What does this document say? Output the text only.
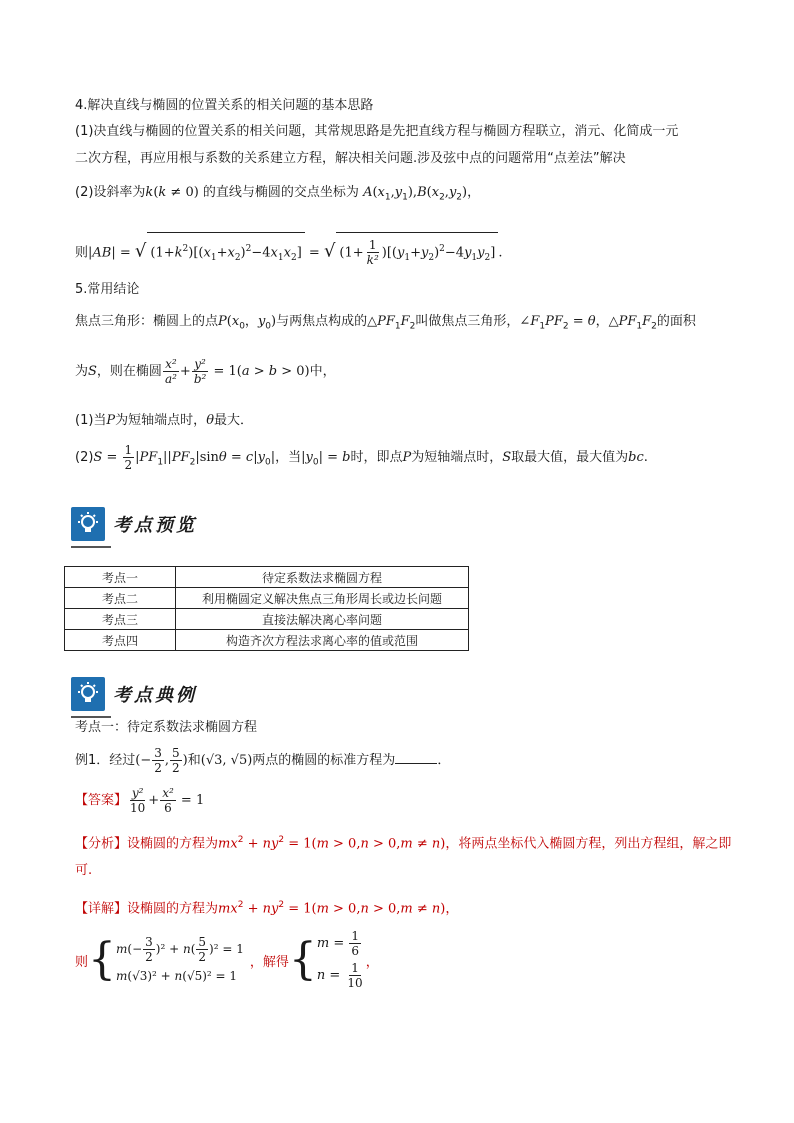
4.解决直线与椭圆的位置关系的相关问题的基本思路
(1)决直线与椭圆的位置关系的相关问题，其常规思路是先把直线方程与椭圆方程联立，消元、化简成一元
二次方程，再应用根与系数的关系建立方程，解决相关问题.涉及弦中点的问题常用“点差法”解决
(2)设斜率为k(k ≠ 0) 的直线与椭圆的交点坐标为 $A(x_1,y_1),B(x_2,y_2)$，
则|AB| = √ $(1+k^2)[(x_1+x_2)^2-4x_1x_2]$ = √ $(1+ \frac{1}{\text{k²}} )[(y_1+y_2)^2-4y_1y_2]$ .
5.常用结论
焦点三角形：椭圆上的点$P(x_0$，$y_0$)与两焦点构成的$\triangle PF_1F_2$叫做焦点三角形，$\angle F_1PF_2 = \theta$，$\triangle PF_1F_2$的面积
为S，则在椭圆 $\frac{\text{x²}}{\text{a²}} + \frac{\text{y²}}{\text{b²}} = 1(a > b > 0)$中，
(1)当P为短轴端点时，θ最大．
$(2)S = \frac{1}{2} |PF_1||PF_2|\sin\theta = c|y_0|$，当$|y_0| = b$时，即点P为短轴端点时，S取最大值，最大值为bc.
考点预览
考点一	待定系数法求椭圆方程
考点二	利用椭圆定义解决焦点三角形周长或边长问题
考点三	直接法解决离心率问题
考点四	构造齐次方程法求离心率的值或范围
考点典例
考点一：待定系数法求椭圆方程
例1．经过(− $\frac{3}{2}$ , $\frac{5}{2}$ )和(√3, √5)两点的椭圆的标准方程为	．
【答案】 $\frac{\text{y²}}{10} + \frac{\text{x²}}{6} = 1$
【分析】设椭圆的方程为$mx^2 + ny^2 = 1(m > 0,n > 0,m \ne n)$，将两点坐标代入椭圆方程，列出方程组，解之即
可.
【详解】设椭圆的方程为$mx^2 + ny^2 = 1(m > 0,n > 0,m \ne n)$，
则 { $m(- \frac{3}{2} )^2 + n( \frac{5}{2} )^2 = 1$
m(√3)² + n(√5)² = 1
，解得 { $m = \frac{1}{6}$
$n = \frac{1}{10}$ ，
